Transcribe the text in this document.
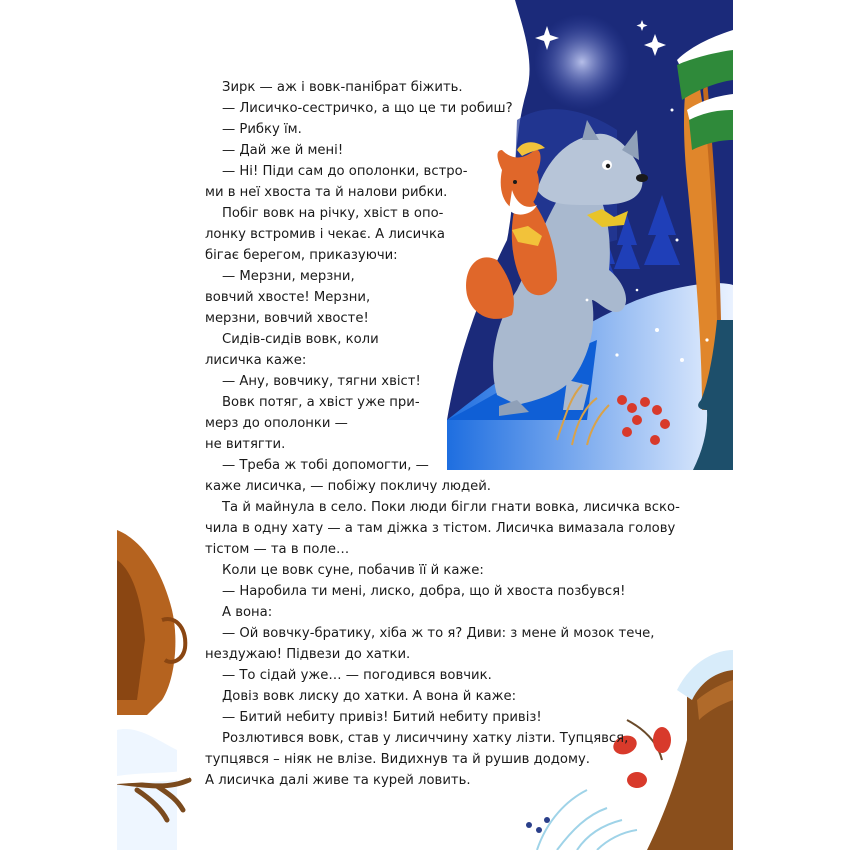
Зирк — аж і вовк-панібрат біжить.
— Лисичко-сестричко, а що це ти робиш?
— Рибку їм.
— Дай же й мені!
— Ні! Піди сам до ополонки, встро-
ми в неї хвоста та й налови рибки.
Побіг вовк на річку, хвіст в опо-
лонку встромив і чекає. А лисичка
бігає берегом, приказуючи:
— Мерзни, мерзни,
вовчий хвосте! Мерзни,
мерзни, вовчий хвосте!
Сидів-сидів вовк, коли
лисичка каже:
— Ану, вовчику, тягни хвіст!
Вовк потяг, а хвіст уже при-
мерз до ополонки —
не витягти.
— Треба ж тобі допомогти, —
каже лисичка, — побіжу покличу людей.
Та й майнула в село. Поки люди бігли гнати вовка, лисичка вско-
чила в одну хату — а там діжка з тістом. Лисичка вимазала голову
тістом — та в поле…
Коли це вовк суне, побачив її й каже:
— Наробила ти мені, лиско, добра, що й хвоста позбувся!
А вона:
— Ой вовчку-братику, хіба ж то я? Диви: з мене й мозок тече,
нездужаю! Підвези до хатки.
— То сідай уже… — погодився вовчик.
Довіз вовк лиску до хатки. А вона й каже:
— Битий небиту привіз! Битий небиту привіз!
Розлютився вовк, став у лисиччину хатку лізти. Тупцявся,
тупцявся – ніяк не влізе. Видихнув та й рушив додому.
А лисичка далі живе та курей ловить.
